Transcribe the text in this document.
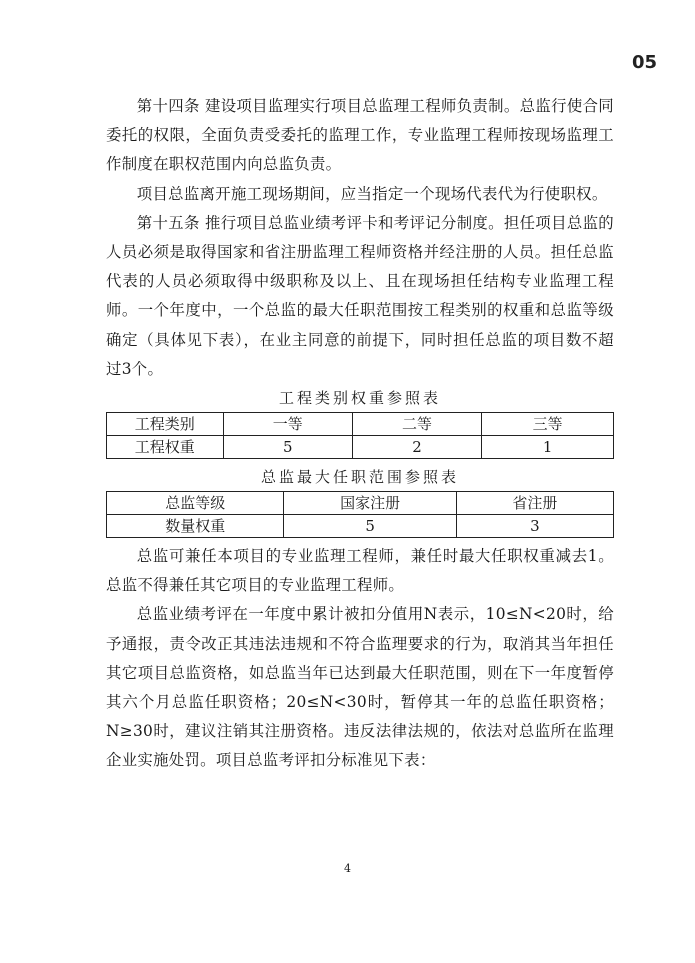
05

第十四条 建设项目监理实行项目总监理工程师负责制。总监行使合同委托的权限，全面负责受委托的监理工作，专业监理工程师按现场监理工作制度在职权范围内向总监负责。

项目总监离开施工现场期间，应当指定一个现场代表代为行使职权。

第十五条 推行项目总监业绩考评卡和考评记分制度。担任项目总监的人员必须是取得国家和省注册监理工程师资格并经注册的人员。担任总监代表的人员必须取得中级职称及以上、且在现场担任结构专业监理工程师。一个年度中，一个总监的最大任职范围按工程类别的权重和总监等级确定（具体见下表），在业主同意的前提下，同时担任总监的项目数不超过3个。

工程类别权重参照表
工程类别	一等	二等	三等
工程权重	5	2	1
总监最大任职范围参照表
总监等级	国家注册	省注册
数量权重	5	3

总监可兼任本项目的专业监理工程师，兼任时最大任职权重减去1。总监不得兼任其它项目的专业监理工程师。

总监业绩考评在一年度中累计被扣分值用N表示，10≤N<20时，给予通报，责令改正其违法违规和不符合监理要求的行为，取消其当年担任其它项目总监资格，如总监当年已达到最大任职范围，则在下一年度暂停其六个月总监任职资格；20≤N<30时，暂停其一年的总监任职资格；N≥30时，建议注销其注册资格。违反法律法规的，依法对总监所在监理企业实施处罚。项目总监考评扣分标准见下表：

4
